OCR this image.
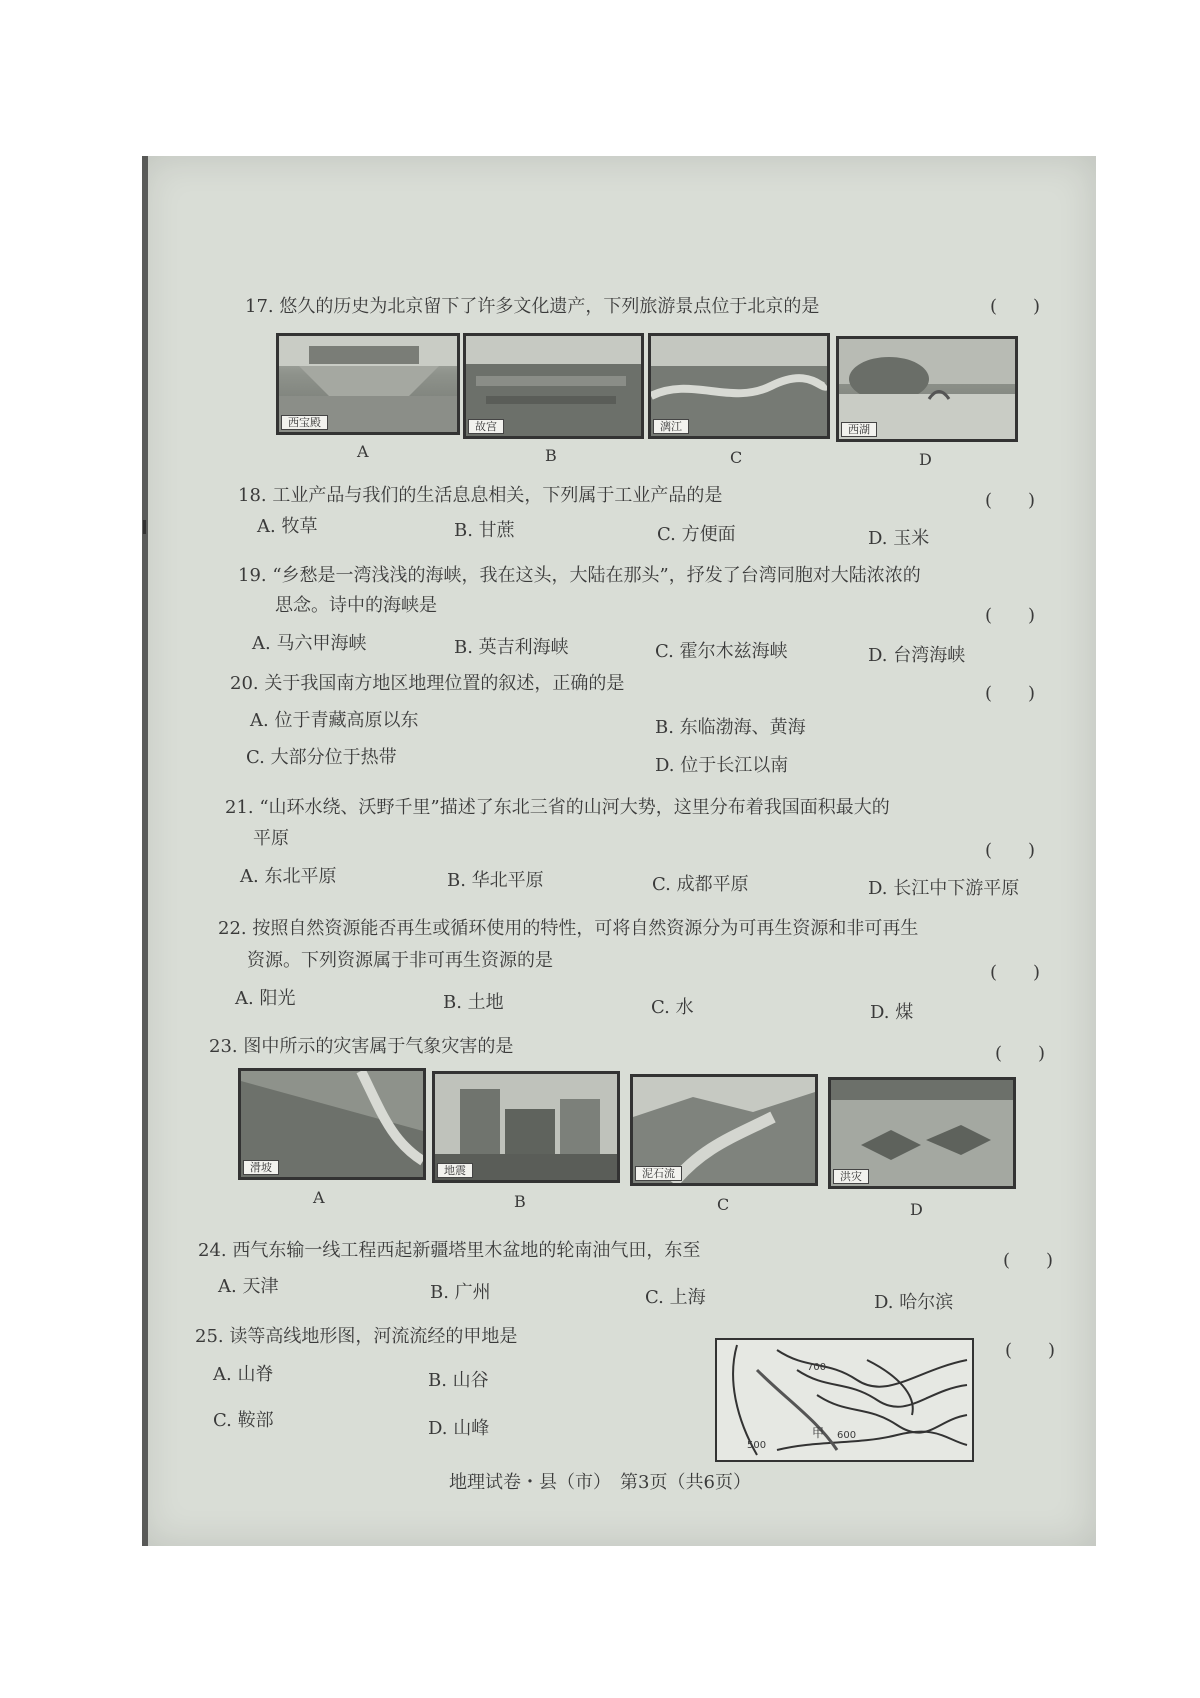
17. 悠久的历史为北京留下了许多文化遗产，下列旅游景点位于北京的是	(　　)
西宝殿	故宫	漓江	西湖
A	B	C	D
18. 工业产品与我们的生活息息相关，下列属于工业产品的是	(　　)
A. 牧草	B. 甘蔗	C. 方便面	D. 玉米
19. “乡愁是一湾浅浅的海峡，我在这头，大陆在那头”，抒发了台湾同胞对大陆浓浓的
思念。诗中的海峡是	(　　)
A. 马六甲海峡	B. 英吉利海峡	C. 霍尔木兹海峡	D. 台湾海峡
20. 关于我国南方地区地理位置的叙述，正确的是	(　　)
A. 位于青藏高原以东	B. 东临渤海、黄海
C. 大部分位于热带	D. 位于长江以南
21. “山环水绕、沃野千里”描述了东北三省的山河大势，这里分布着我国面积最大的
平原
(　　)
A. 东北平原	B. 华北平原	C. 成都平原	D. 长江中下游平原
22. 按照自然资源能否再生或循环使用的特性，可将自然资源分为可再生资源和非可再生
资源。下列资源属于非可再生资源的是
(　　)
A. 阳光	B. 土地	C. 水	D. 煤
23. 图中所示的灾害属于气象灾害的是	(　　)
滑坡	地震	泥石流	洪灾
A	B	C	D
24. 西气东输一线工程西起新疆塔里木盆地的轮南油气田，东至	(　　)
A. 天津	B. 广州	C. 上海	D. 哈尔滨
25. 读等高线地形图，河流流经的甲地是
(　　)
A. 山脊	B. 山谷
C. 鞍部	D. 山峰	甲
500
600
700
地理试卷・县（市）　第3页（共6页）
